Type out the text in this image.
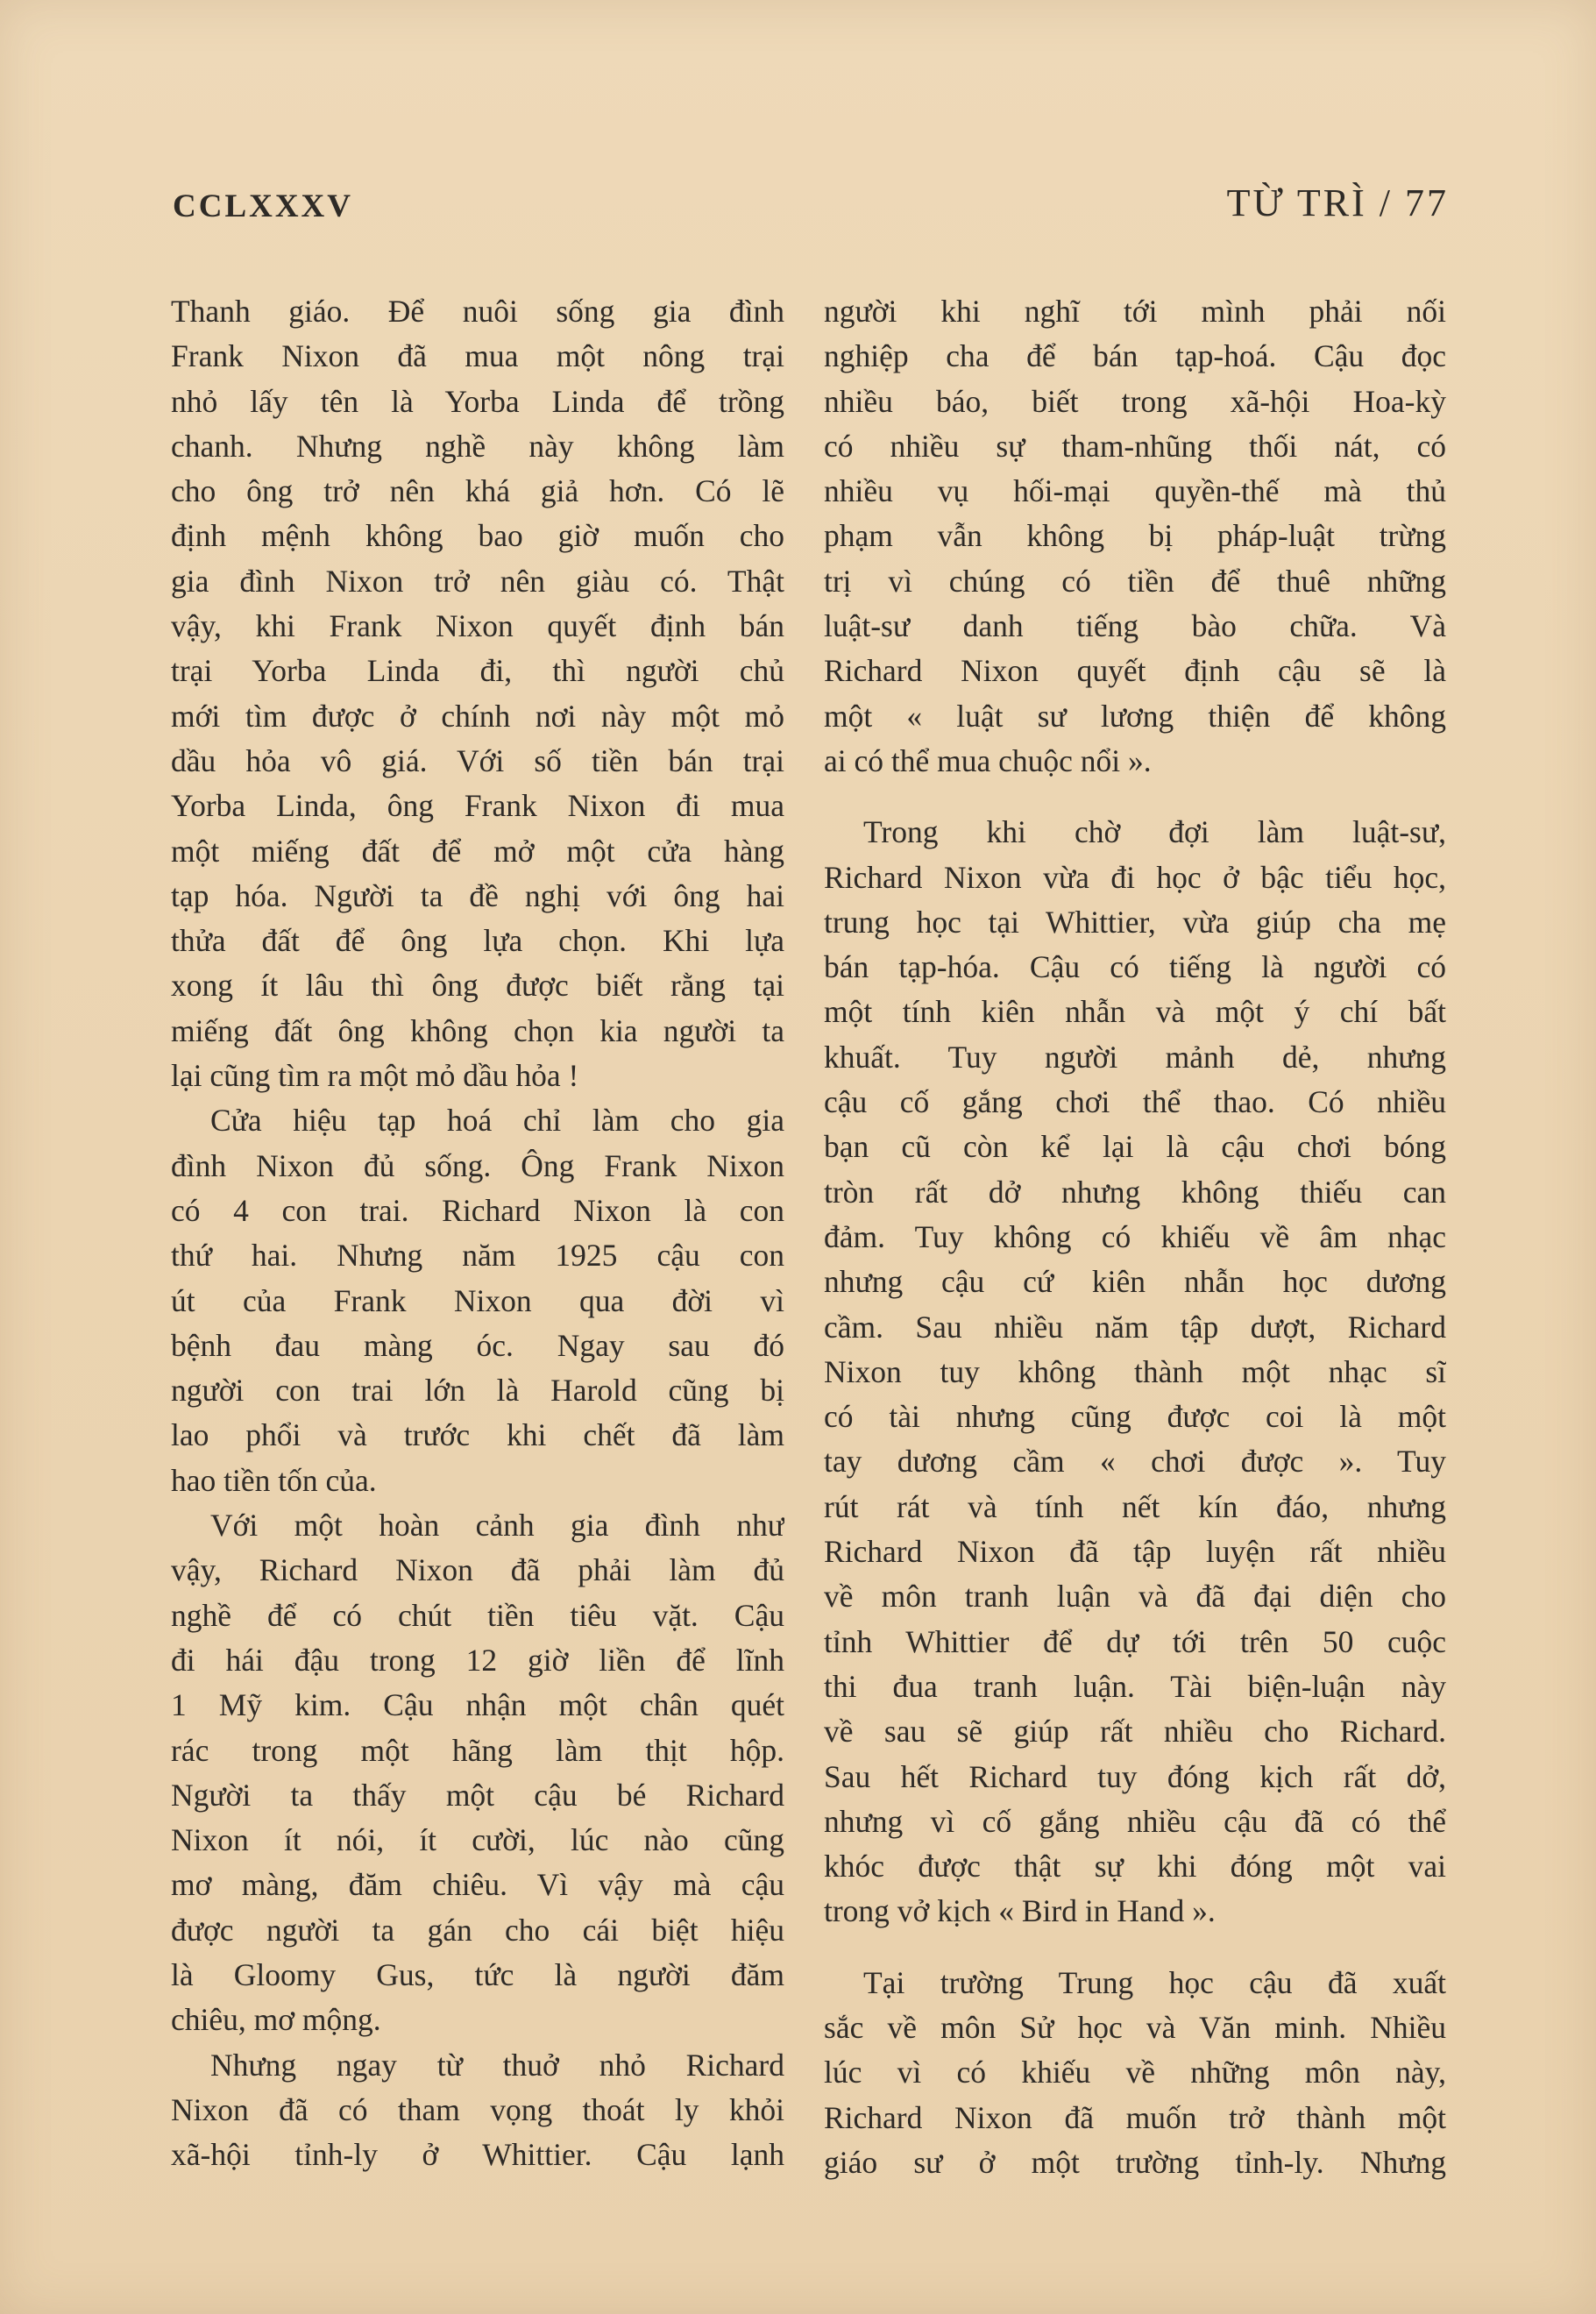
CCLXXXV	TỪ TRÌ / 77
Thanh giáo. Để nuôi sống gia đình
Frank Nixon đã mua một nông trại
nhỏ lấy tên là Yorba Linda để trồng
chanh. Nhưng nghề này không làm
cho ông trở nên khá giả hơn. Có lẽ
định mệnh không bao giờ muốn cho
gia đình Nixon trở nên giàu có. Thật
vậy, khi Frank Nixon quyết định bán
trại Yorba Linda đi, thì người chủ
mới tìm được ở chính nơi này một mỏ
dầu hỏa vô giá. Với số tiền bán trại
Yorba Linda, ông Frank Nixon đi mua
một miếng đất để mở một cửa hàng
tạp hóa. Người ta đề nghị với ông hai
thửa đất để ông lựa chọn. Khi lựa
xong ít lâu thì ông được biết rằng tại
miếng đất ông không chọn kia người ta
lại cũng tìm ra một mỏ dầu hỏa !
Cửa hiệu tạp hoá chỉ làm cho gia
đình Nixon đủ sống. Ông Frank Nixon
có 4 con trai. Richard Nixon là con
thứ hai. Nhưng năm 1925 cậu con
út của Frank Nixon qua đời vì
bệnh đau màng óc. Ngay sau đó
người con trai lớn là Harold cũng bị
lao phổi và trước khi chết đã làm
hao tiền tốn của.
Với một hoàn cảnh gia đình như
vậy, Richard Nixon đã phải làm đủ
nghề để có chút tiền tiêu vặt. Cậu
đi hái đậu trong 12 giờ liền để lĩnh
1 Mỹ kim. Cậu nhận một chân quét
rác trong một hãng làm thịt hộp.
Người ta thấy một cậu bé Richard
Nixon ít nói, ít cười, lúc nào cũng
mơ màng, đăm chiêu. Vì vậy mà cậu
được người ta gán cho cái biệt hiệu
là Gloomy Gus, tức là người đăm
chiêu, mơ mộng.
Nhưng ngay từ thuở nhỏ Richard
Nixon đã có tham vọng thoát ly khỏi
xã-hội tỉnh-ly ở Whittier. Cậu lạnh
người khi nghĩ tới mình phải nối
nghiệp cha để bán tạp-hoá. Cậu đọc
nhiều báo, biết trong xã-hội Hoa-kỳ
có nhiều sự tham-nhũng thối nát, có
nhiều vụ hối-mại quyền-thế mà thủ
phạm vẫn không bị pháp-luật trừng
trị vì chúng có tiền để thuê những
luật-sư danh tiếng bào chữa. Và
Richard Nixon quyết định cậu sẽ là
một « luật sư lương thiện để không
ai có thể mua chuộc nổi ».
Trong khi chờ đợi làm luật-sư,
Richard Nixon vừa đi học ở bậc tiểu học,
trung học tại Whittier, vừa giúp cha mẹ
bán tạp-hóa. Cậu có tiếng là người có
một tính kiên nhẫn và một ý chí bất
khuất. Tuy người mảnh dẻ, nhưng
cậu cố gắng chơi thể thao. Có nhiều
bạn cũ còn kể lại là cậu chơi bóng
tròn rất dở nhưng không thiếu can
đảm. Tuy không có khiếu về âm nhạc
nhưng cậu cứ kiên nhẫn học dương
cầm. Sau nhiều năm tập dượt, Richard
Nixon tuy không thành một nhạc sĩ
có tài nhưng cũng được coi là một
tay dương cầm « chơi được ». Tuy
rút rát và tính nết kín đáo, nhưng
Richard Nixon đã tập luyện rất nhiều
về môn tranh luận và đã đại diện cho
tỉnh Whittier để dự tới trên 50 cuộc
thi đua tranh luận. Tài biện-luận này
về sau sẽ giúp rất nhiều cho Richard.
Sau hết Richard tuy đóng kịch rất dở,
nhưng vì cố gắng nhiều cậu đã có thể
khóc được thật sự khi đóng một vai
trong vở kịch « Bird in Hand ».
Tại trường Trung học cậu đã xuất
sắc về môn Sử học và Văn minh. Nhiều
lúc vì có khiếu về những môn này,
Richard Nixon đã muốn trở thành một
giáo sư ở một trường tỉnh-ly. Nhưng
